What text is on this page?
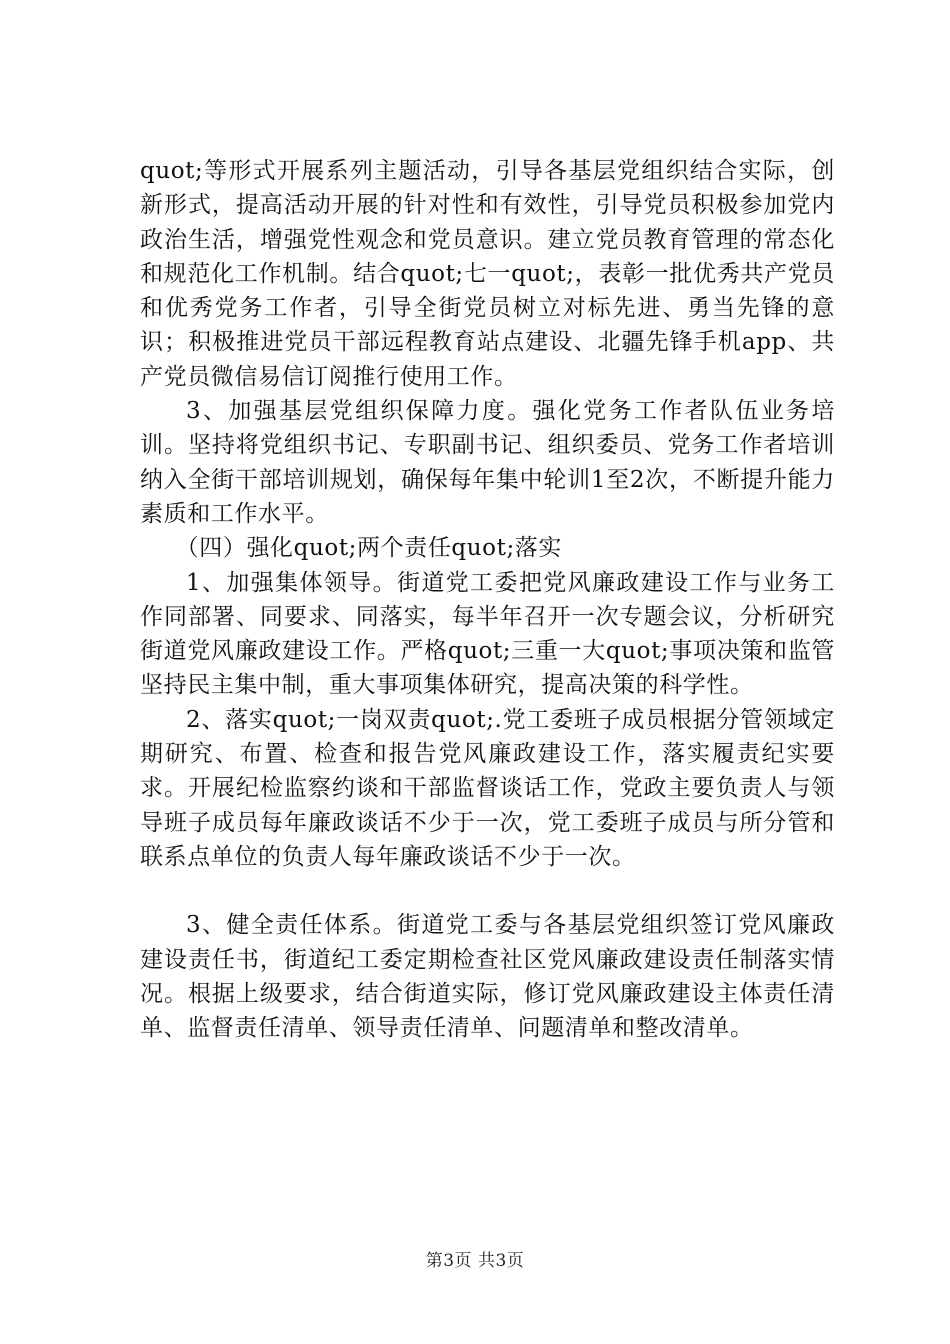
quot;等形式开展系列主题活动，引导各基层党组织结合实际，创新形式，提高活动开展的针对性和有效性，引导党员积极参加党内政治生活，增强党性观念和党员意识。建立党员教育管理的常态化和规范化工作机制。结合quot;七一quot;，表彰一批优秀共产党员和优秀党务工作者，引导全街党员树立对标先进、勇当先锋的意识；积极推进党员干部远程教育站点建设、北疆先锋手机app、共产党员微信易信订阅推行使用工作。

3、加强基层党组织保障力度。强化党务工作者队伍业务培训。坚持将党组织书记、专职副书记、组织委员、党务工作者培训纳入全街干部培训规划，确保每年集中轮训1至2次，不断提升能力素质和工作水平。

（四）强化quot;两个责任quot;落实

1、加强集体领导。街道党工委把党风廉政建设工作与业务工作同部署、同要求、同落实，每半年召开一次专题会议，分析研究街道党风廉政建设工作。严格quot;三重一大quot;事项决策和监管坚持民主集中制，重大事项集体研究，提高决策的科学性。

2、落实quot;一岗双责quot;.党工委班子成员根据分管领域定期研究、布置、检查和报告党风廉政建设工作，落实履责纪实要求。开展纪检监察约谈和干部监督谈话工作，党政主要负责人与领导班子成员每年廉政谈话不少于一次，党工委班子成员与所分管和联系点单位的负责人每年廉政谈话不少于一次。

3、健全责任体系。街道党工委与各基层党组织签订党风廉政建设责任书，街道纪工委定期检查社区党风廉政建设责任制落实情况。根据上级要求，结合街道实际，修订党风廉政建设主体责任清单、监督责任清单、领导责任清单、问题清单和整改清单。

第3页 共3页
